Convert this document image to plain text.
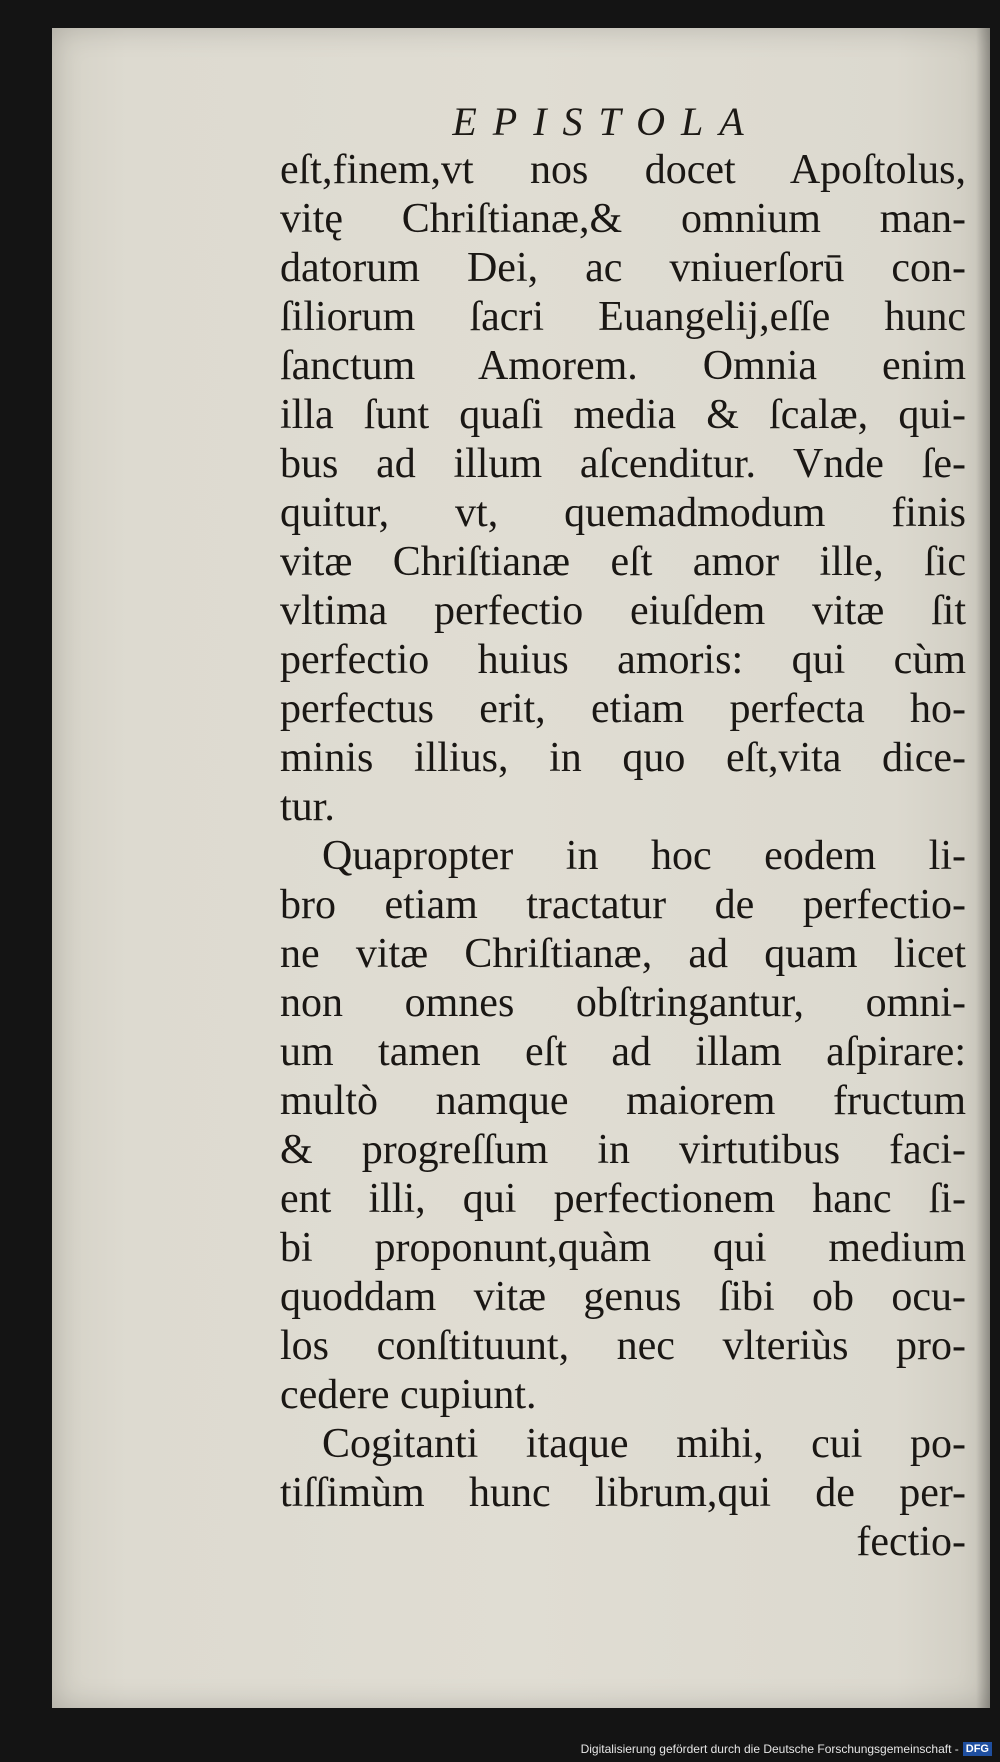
EPISTOLA
eſt,finem,vt nos docet Apoſtolus,
vitę Chriſtianæ,& omnium man-
datorum Dei, ac vniuerſorū con-
ſiliorum ſacri Euangelij,eſſe hunc
ſanctum Amorem. Omnia enim
illa ſunt quaſi media & ſcalæ, qui-
bus ad illum aſcenditur. Vnde ſe-
quitur, vt, quemadmodum finis
vitæ Chriſtianæ eſt amor ille, ſic
vltima perfectio eiuſdem vitæ ſit
perfectio huius amoris: qui cùm
perfectus erit, etiam perfecta ho-
minis illius, in quo eſt,vita dice-
tur.
Quapropter in hoc eodem li-
bro etiam tractatur de perfectio-
ne vitæ Chriſtianæ, ad quam licet
non omnes obſtringantur, omni-
um tamen eſt ad illam aſpirare:
multò namque maiorem fructum
& progreſſum in virtutibus faci-
ent illi, qui perfectionem hanc ſi-
bi proponunt,quàm qui medium
quoddam vitæ genus ſibi ob ocu-
los conſtituunt, nec vlteriùs pro-
cedere cupiunt.
Cogitanti itaque mihi, cui po-
tiſſimùm hunc librum,qui de per-
fectio-
Digitalisierung gefördert durch die Deutsche Forschungsgemeinschaft - DFG
